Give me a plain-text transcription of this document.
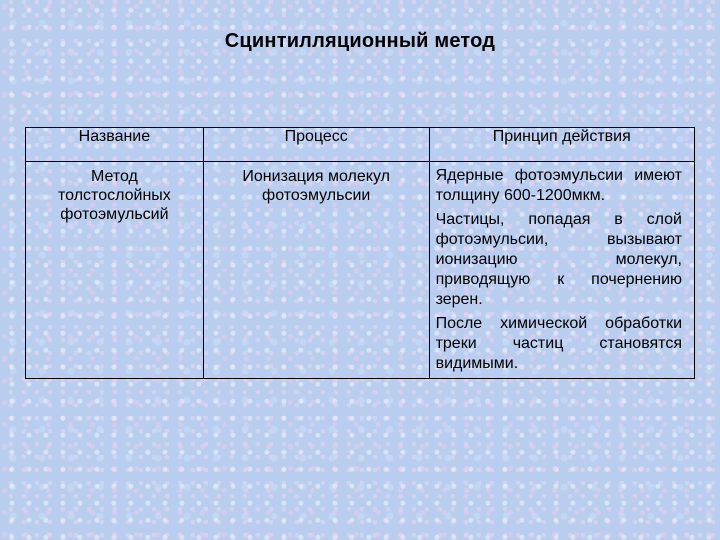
Сцинтилляционный метод
Название	Процесс	Принцип действия
Метод толстослойных фотоэмульсий	Ионизация молекул фотоэмульсии	Ядерные фотоэмульсии имеют толщину 600-1200мкм.

Частицы, попадая в слой фотоэмульсии, вызывают ионизацию молекул, приводящую к почернению зерен.

После химической обработки треки частиц становятся видимыми.
